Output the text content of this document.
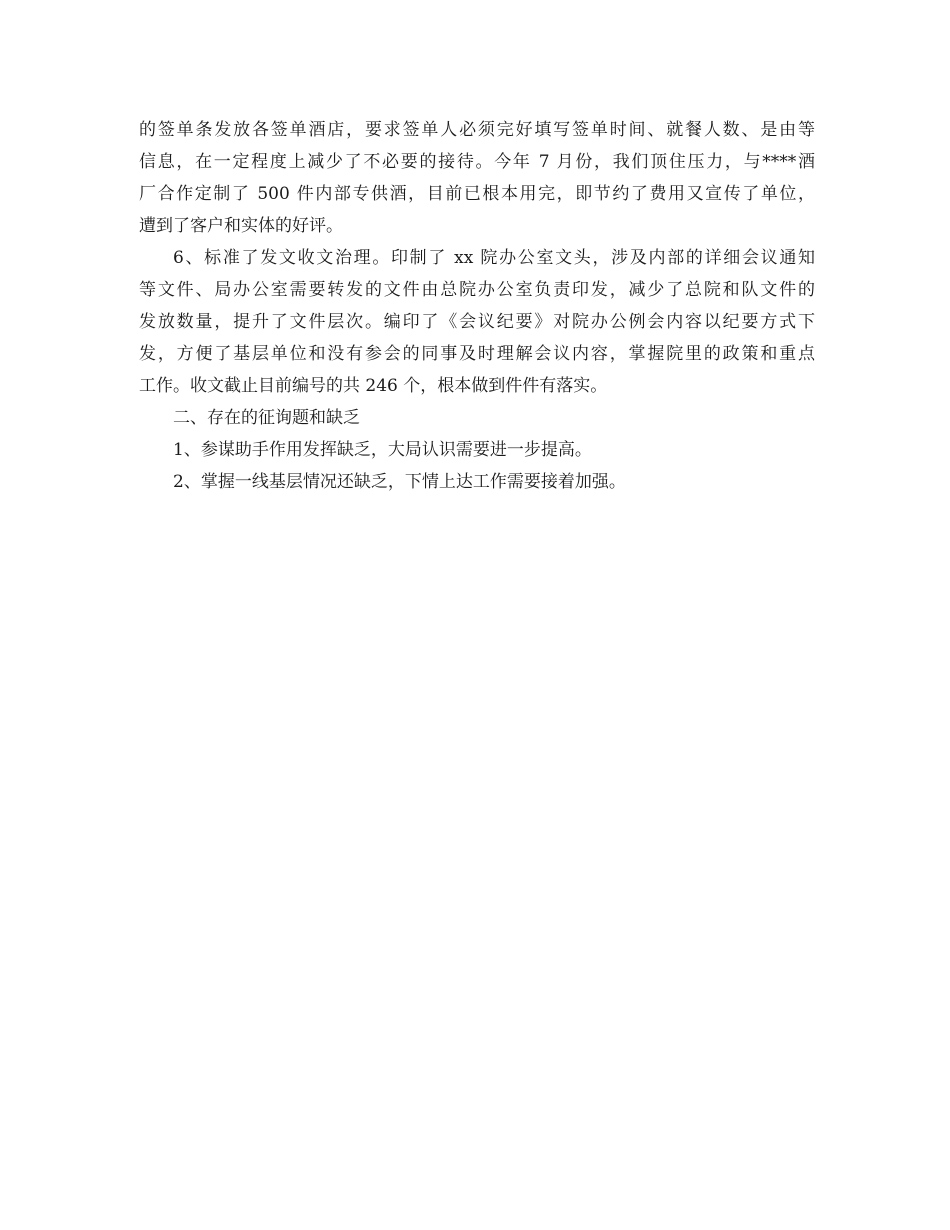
的签单条发放各签单酒店，要求签单人必须完好填写签单时间、就餐人数、是由等
信息，在一定程度上减少了不必要的接待。今年 7 月份，我们顶住压力，与****酒
厂合作定制了 500 件内部专供酒，目前已根本用完，即节约了费用又宣传了单位，
遭到了客户和实体的好评。
6、标准了发文收文治理。印制了 xx 院办公室文头，涉及内部的详细会议通知
等文件、局办公室需要转发的文件由总院办公室负责印发，减少了总院和队文件的
发放数量，提升了文件层次。编印了《会议纪要》对院办公例会内容以纪要方式下
发，方便了基层单位和没有参会的同事及时理解会议内容，掌握院里的政策和重点
工作。收文截止目前编号的共 246 个，根本做到件件有落实。
二、存在的征询题和缺乏
1、参谋助手作用发挥缺乏，大局认识需要进一步提高。
2、掌握一线基层情况还缺乏，下情上达工作需要接着加强。
